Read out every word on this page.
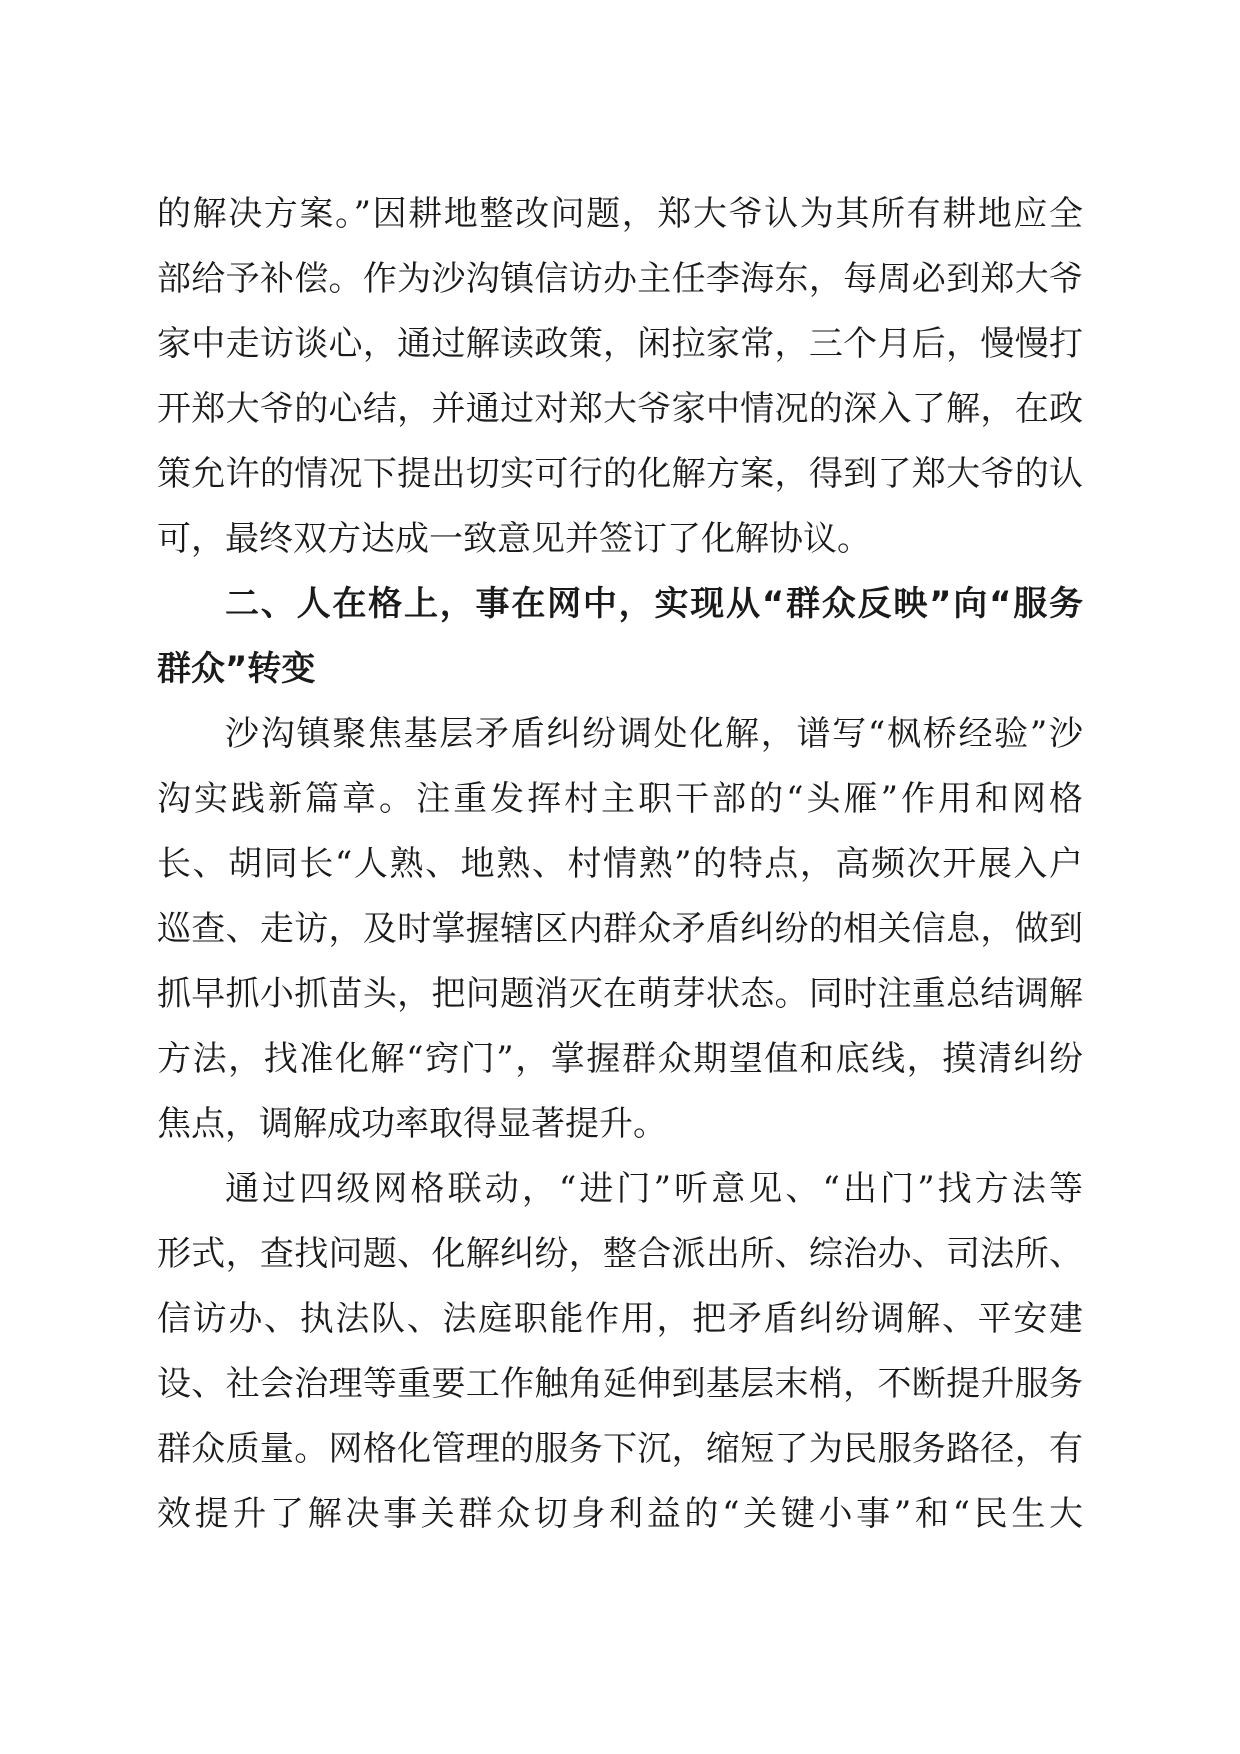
的解决方案。”因耕地整改问题，郑大爷认为其所有耕地应全
部给予补偿。作为沙沟镇信访办主任李海东，每周必到郑大爷
家中走访谈心，通过解读政策，闲拉家常，三个月后，慢慢打
开郑大爷的心结，并通过对郑大爷家中情况的深入了解，在政
策允许的情况下提出切实可行的化解方案，得到了郑大爷的认
可，最终双方达成一致意见并签订了化解协议。
二、人在格上，事在网中，实现从“群众反映”向“服务
群众”转变
沙沟镇聚焦基层矛盾纠纷调处化解，谱写“枫桥经验”沙
沟实践新篇章。注重发挥村主职干部的“头雁”作用和网格
长、胡同长“人熟、地熟、村情熟”的特点，高频次开展入户
巡查、走访，及时掌握辖区内群众矛盾纠纷的相关信息，做到
抓早抓小抓苗头，把问题消灭在萌芽状态。同时注重总结调解
方法，找准化解“窍门”，掌握群众期望值和底线，摸清纠纷
焦点，调解成功率取得显著提升。
通过四级网格联动，“进门”听意见、“出门”找方法等
形式，查找问题、化解纠纷，整合派出所、综治办、司法所、
信访办、执法队、法庭职能作用，把矛盾纠纷调解、平安建
设、社会治理等重要工作触角延伸到基层末梢，不断提升服务
群众质量。网格化管理的服务下沉，缩短了为民服务路径，有
效提升了解决事关群众切身利益的“关键小事”和“民生大
